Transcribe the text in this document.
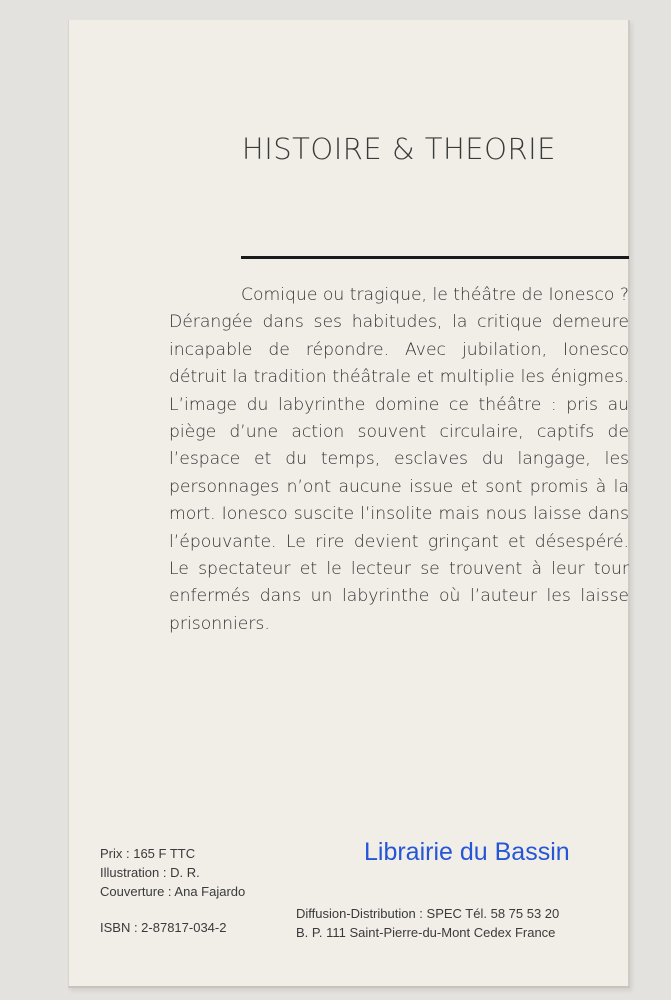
HISTOIRE & THEORIE
Comique ou tragique, le théâtre de Ionesco ? Dérangée dans ses habitudes, la critique demeure incapable de répondre. Avec jubilation, Ionesco détruit la tradition théâtrale et multiplie les énigmes. L’image du labyrinthe domine ce théâtre : pris au piège d’une action souvent circulaire, captifs de l’espace et du temps, esclaves du langage, les personnages n’ont aucune issue et sont promis à la mort. Ionesco suscite l’insolite mais nous laisse dans l’épouvante. Le rire devient grinçant et désespéré. Le spectateur et le lecteur se trouvent à leur tour enfermés dans un labyrinthe où l’auteur les laisse prisonniers.
Prix : 165 F TTC
Illustration : D. R.
Couverture : Ana Fajardo
ISBN : 2-87817-034-2
Diffusion-Distribution : SPEC Tél. 58 75 53 20
B. P. 111 Saint-Pierre-du-Mont Cedex France
Librairie du Bassin
